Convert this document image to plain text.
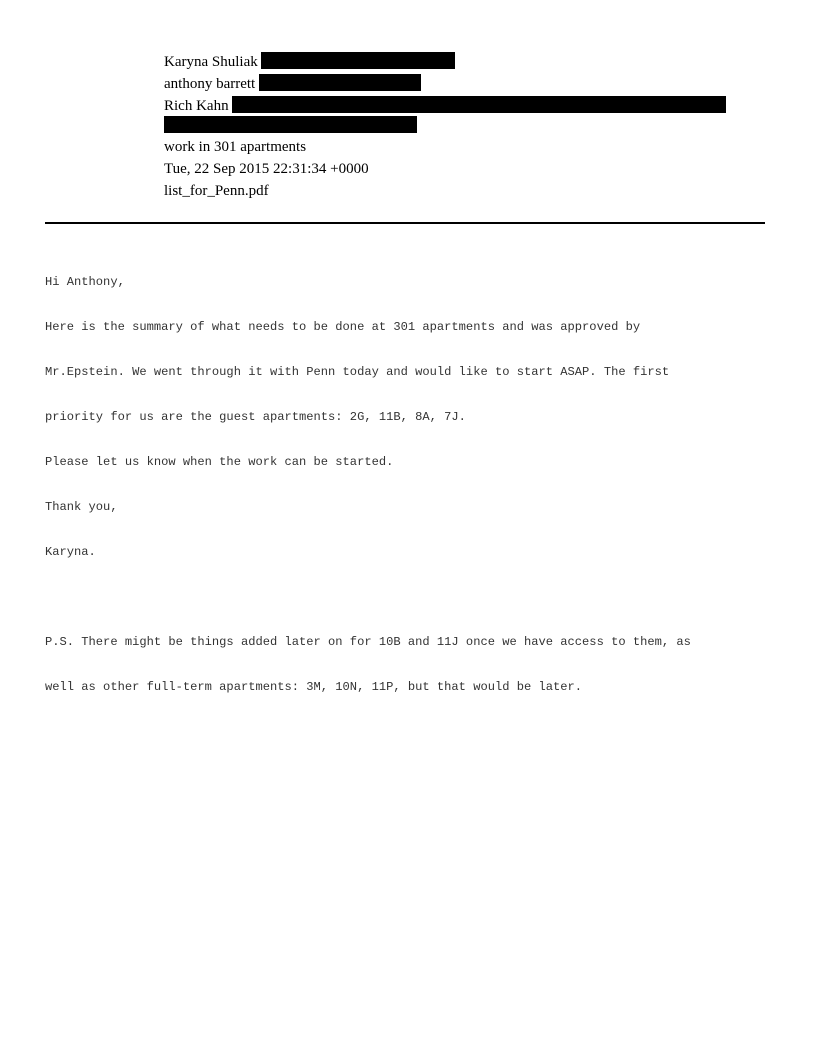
Karyna Shuliak
anthony barrett
Rich Kahn
work in 301 apartments
Tue, 22 Sep 2015 22:31:34 +0000
list_for_Penn.pdf

Hi Anthony,

Here is the summary of what needs to be done at 301 apartments and was approved by

Mr.Epstein. We went through it with Penn today and would like to start ASAP. The first

priority for us are the guest apartments: 2G, 11B, 8A, 7J.

Please let us know when the work can be started.

Thank you,

Karyna.

P.S. There might be things added later on for 10B and 11J once we have access to them, as

well as other full-term apartments: 3M, 10N, 11P, but that would be later.
